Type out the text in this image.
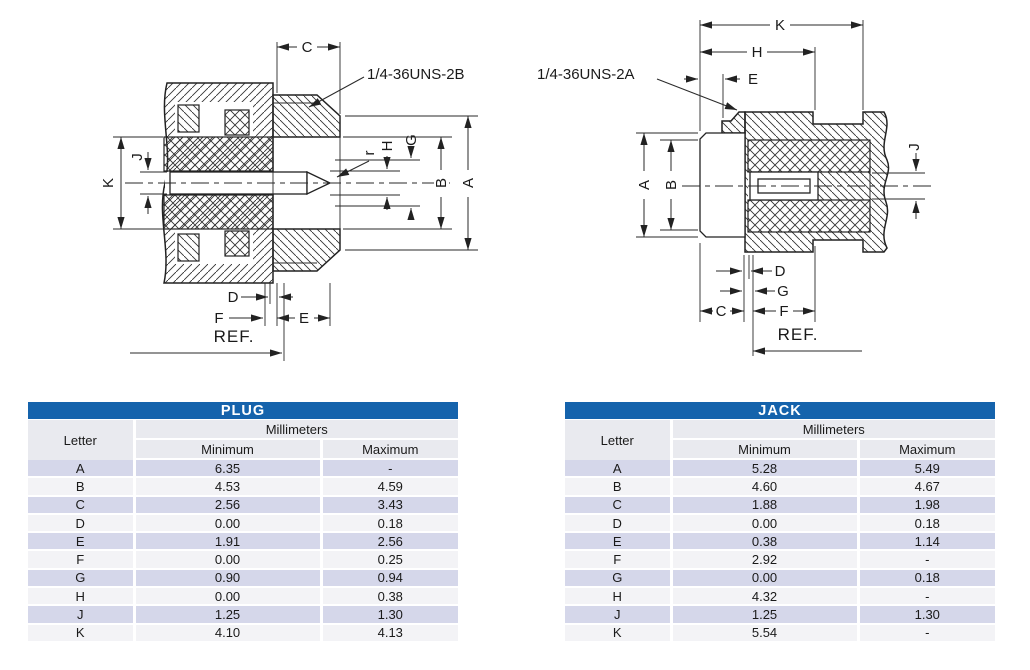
C
1/4-36UNS-2B
J
K
r
H
G
B A
D
F	E
REF.
K
H
E
1/4-36UNS-2A
A B
J
D
G
C	F
REF.
PLUG		
Letter	Millimeters	
	Minimum	Maximum
A	6.35	-
B	4.53	4.59
C	2.56	3.43
D	0.00	0.18
E	1.91	2.56
F	0.00	0.25
G	0.90	0.94
H	0.00	0.38
J	1.25	1.30
K	4.10	4.13
JACK		
Letter	Millimeters	
	Minimum	Maximum
A	5.28	5.49
B	4.60	4.67
C	1.88	1.98
D	0.00	0.18
E	0.38	1.14
F	2.92	-
G	0.00	0.18
H	4.32	-
J	1.25	1.30
K	5.54	-
